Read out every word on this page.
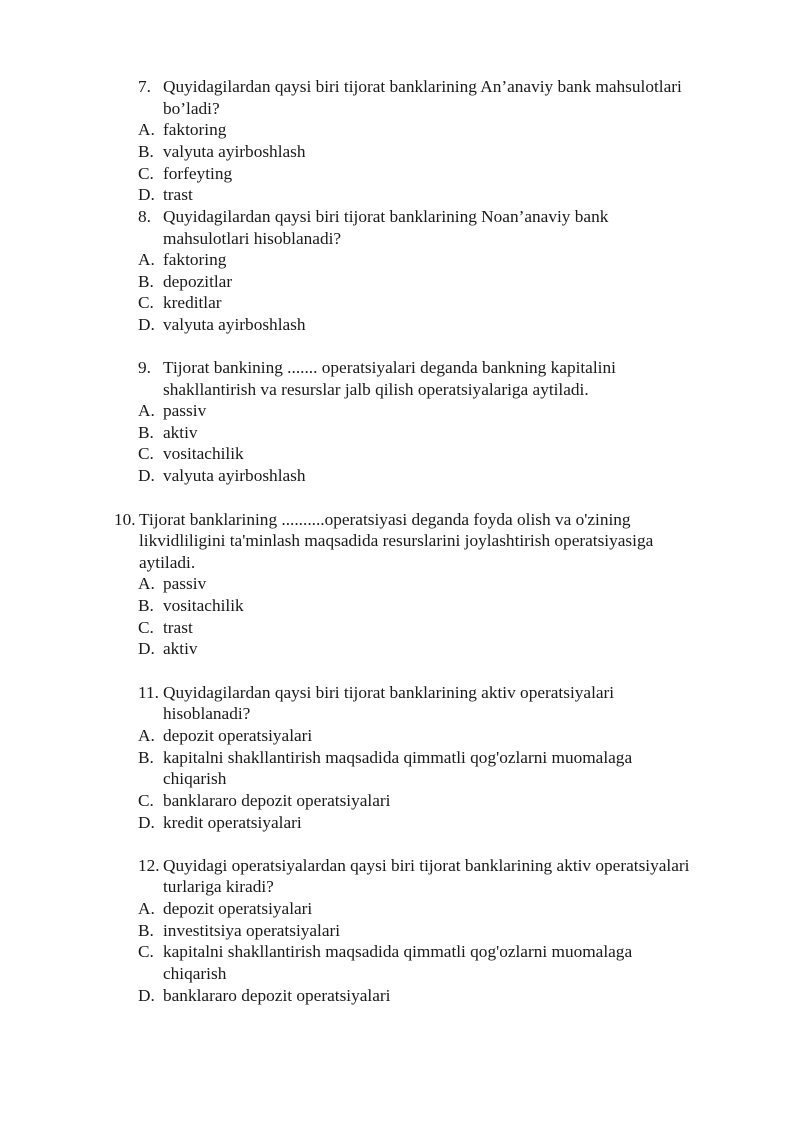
7. Quyidagilardan qaysi biri tijorat banklarining An’anaviy bank mahsulotlari
bo’ladi?
A. faktoring
B. valyuta ayirboshlash
C. forfeyting
D. trast
8. Quyidagilardan qaysi biri tijorat banklarining Noan’anaviy bank
mahsulotlari hisoblanadi?
A. faktoring
B. depozitlar
C. kreditlar
D. valyuta ayirboshlash
9. Tijorat bankining ....... operatsiyalari deganda bankning kapitalini
shakllantirish va resurslar jalb qilish operatsiyalariga aytiladi.
A. passiv
B. aktiv
C. vositachilik
D. valyuta ayirboshlash
10. Tijorat banklarining ..........operatsiyasi deganda foyda olish va o'zining
likvidliligini ta'minlash maqsadida resurslarini joylashtirish operatsiyasiga
aytiladi.
A. passiv
B. vositachilik
C. trast
D. aktiv
11. Quyidagilardan qaysi biri tijorat banklarining aktiv operatsiyalari
hisoblanadi?
A. depozit operatsiyalari
B. kapitalni shakllantirish maqsadida qimmatli qog'ozlarni muomalaga
chiqarish
C. banklararo depozit operatsiyalari
D. kredit operatsiyalari
12. Quyidagi operatsiyalardan qaysi biri tijorat banklarining aktiv operatsiyalari
turlariga kiradi?
A. depozit operatsiyalari
B. investitsiya operatsiyalari
C. kapitalni shakllantirish maqsadida qimmatli qog'ozlarni muomalaga
chiqarish
D. banklararo depozit operatsiyalari
